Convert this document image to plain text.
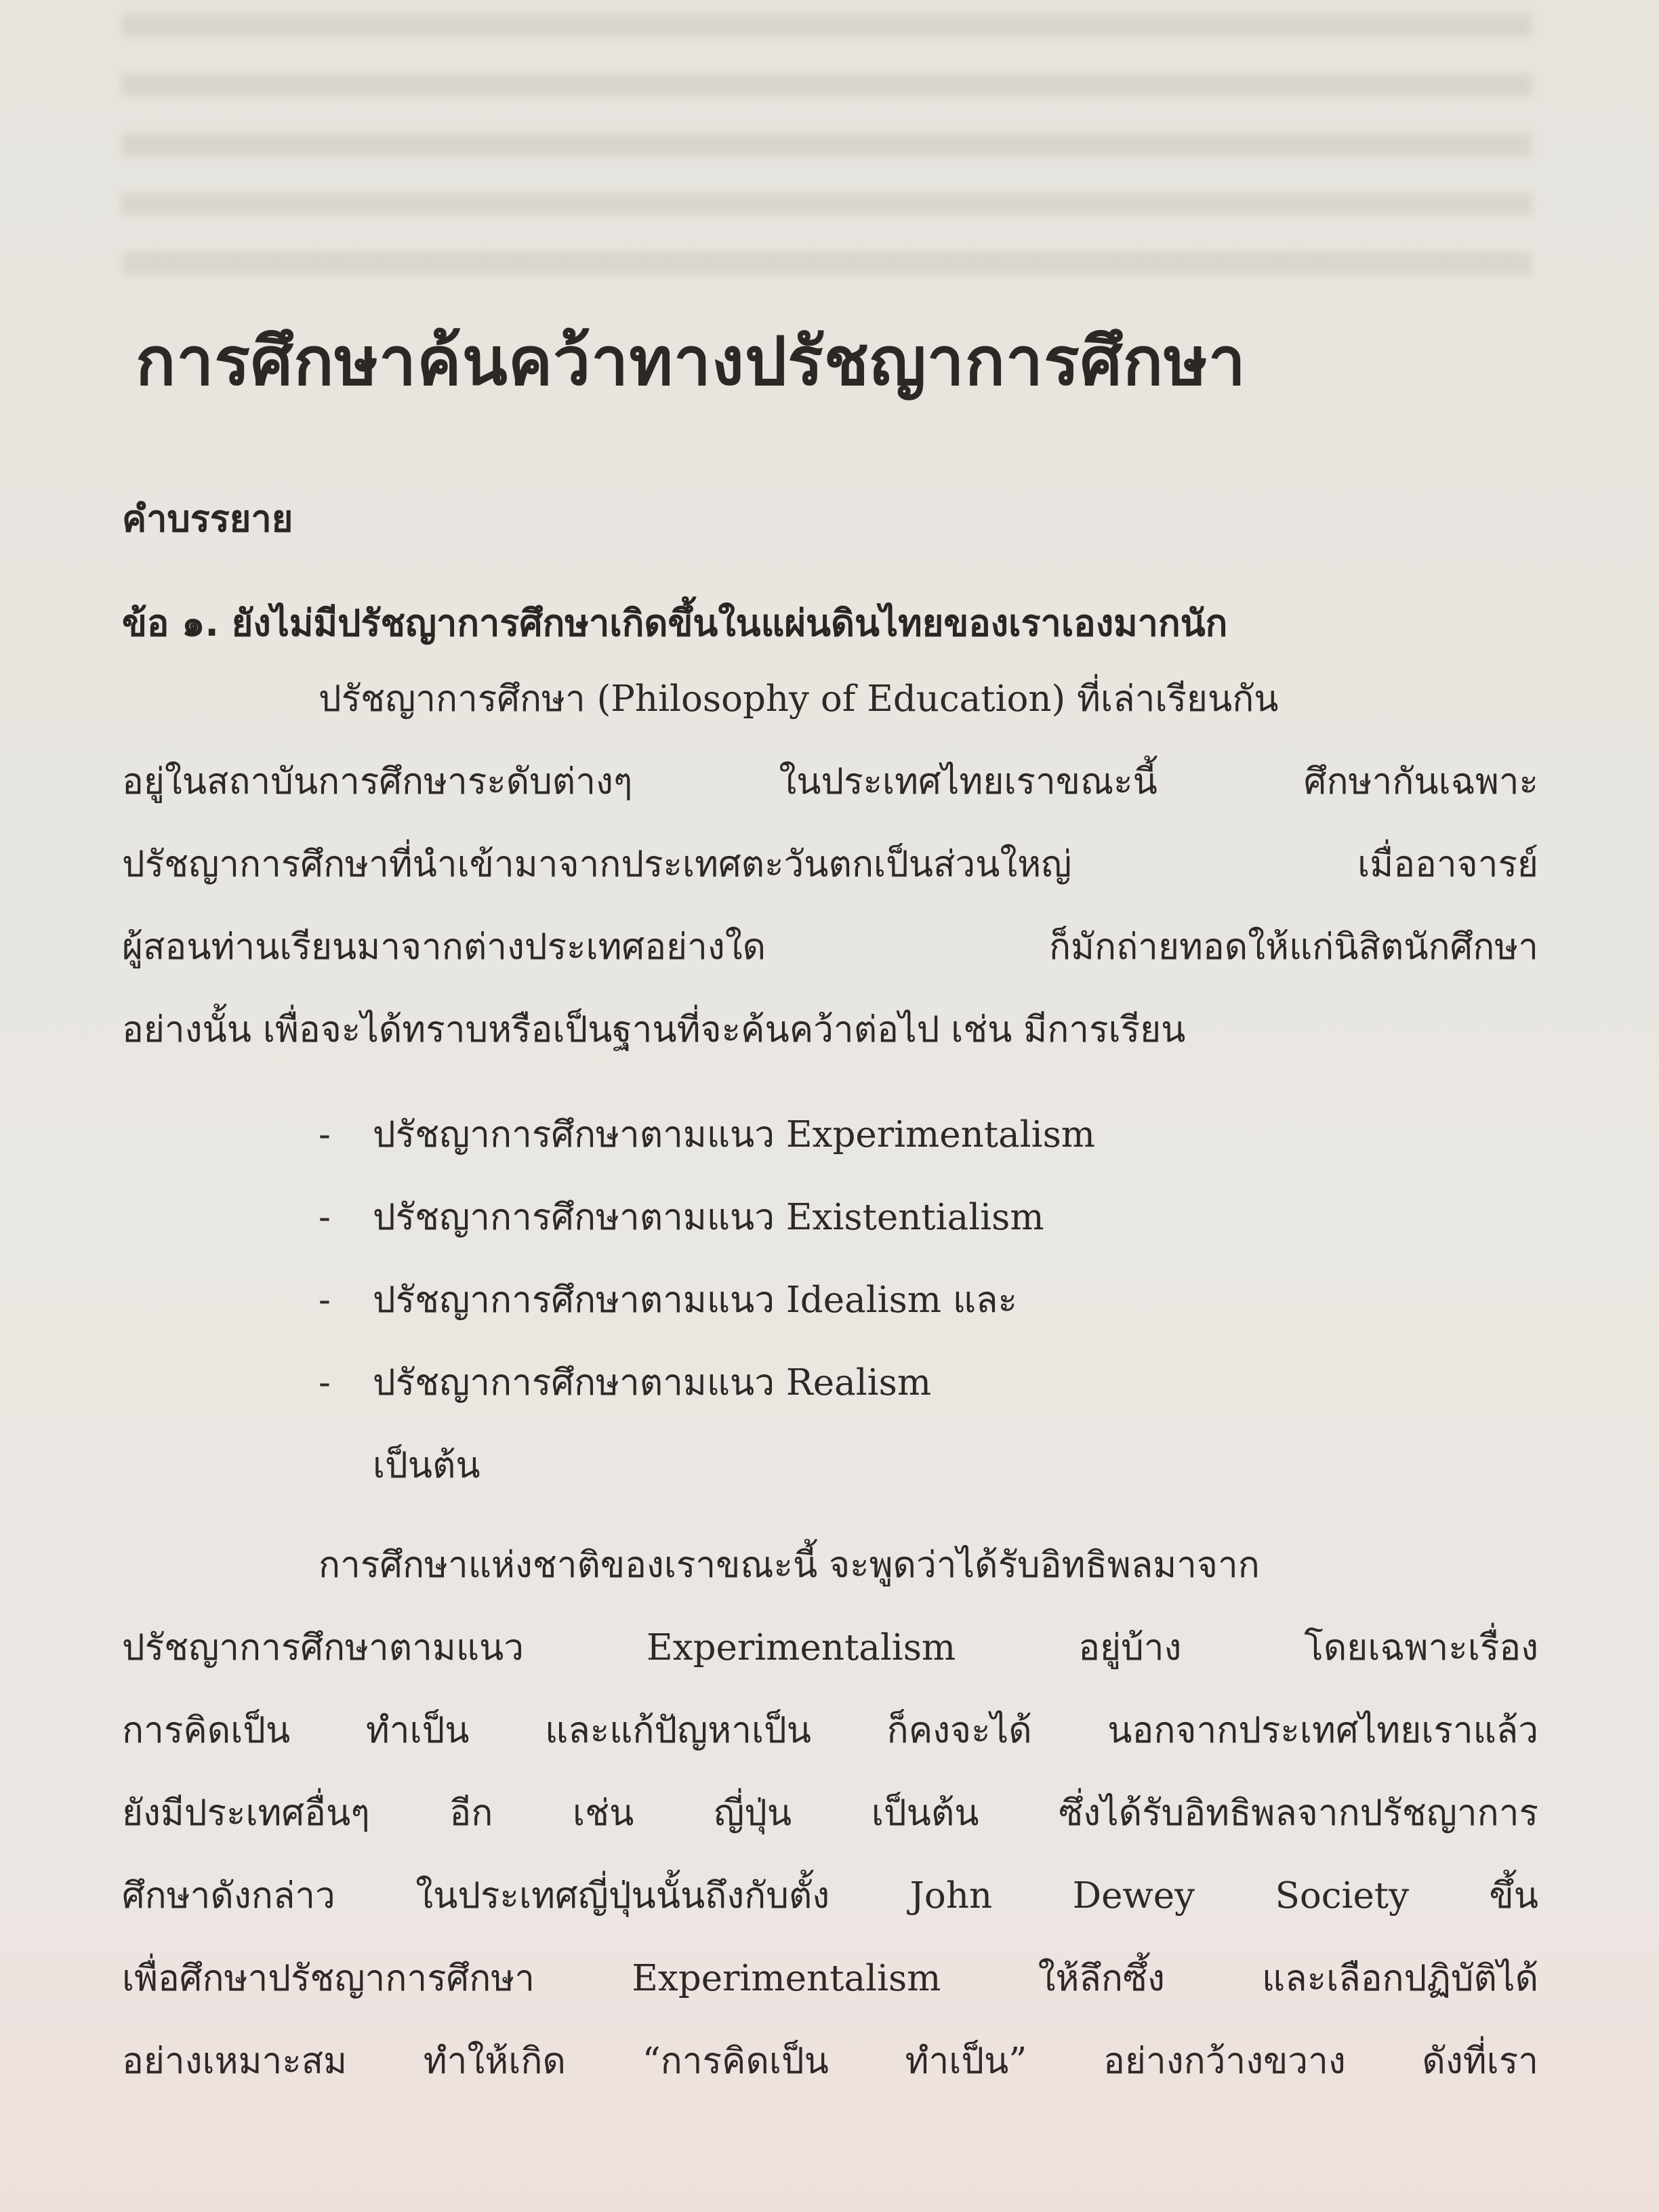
การศึกษาค้นคว้าทางปรัชญาการศึกษา
คำบรรยาย
ข้อ ๑. ยังไม่มีปรัชญาการศึกษาเกิดขึ้นในแผ่นดินไทยของเราเองมากนัก
ปรัชญาการศึกษา (Philosophy of Education) ที่เล่าเรียนกัน
อยู่ในสถาบันการศึกษาระดับต่างๆ ในประเทศไทยเราขณะนี้ ศึกษากันเฉพาะ
ปรัชญาการศึกษาที่นำเข้ามาจากประเทศตะวันตกเป็นส่วนใหญ่ เมื่ออาจารย์
ผู้สอนท่านเรียนมาจากต่างประเทศอย่างใด ก็มักถ่ายทอดให้แก่นิสิตนักศึกษา
อย่างนั้น เพื่อจะได้ทราบหรือเป็นฐานที่จะค้นคว้าต่อไป เช่น มีการเรียน
- ปรัชญาการศึกษาตามแนว Experimentalism
- ปรัชญาการศึกษาตามแนว Existentialism
- ปรัชญาการศึกษาตามแนว Idealism และ
- ปรัชญาการศึกษาตามแนว Realism
เป็นต้น
การศึกษาแห่งชาติของเราขณะนี้ จะพูดว่าได้รับอิทธิพลมาจาก
ปรัชญาการศึกษาตามแนว Experimentalism อยู่บ้าง โดยเฉพาะเรื่อง
การคิดเป็น ทำเป็น และแก้ปัญหาเป็น ก็คงจะได้ นอกจากประเทศไทยเราแล้ว
ยังมีประเทศอื่นๆ อีก เช่น ญี่ปุ่น เป็นต้น ซึ่งได้รับอิทธิพลจากปรัชญาการ
ศึกษาดังกล่าว ในประเทศญี่ปุ่นนั้นถึงกับตั้ง John Dewey Society ขึ้น
เพื่อศึกษาปรัชญาการศึกษา Experimentalism ให้ลึกซึ้ง และเลือกปฏิบัติได้
อย่างเหมาะสม ทำให้เกิด “การคิดเป็น ทำเป็น” อย่างกว้างขวาง ดังที่เรา
